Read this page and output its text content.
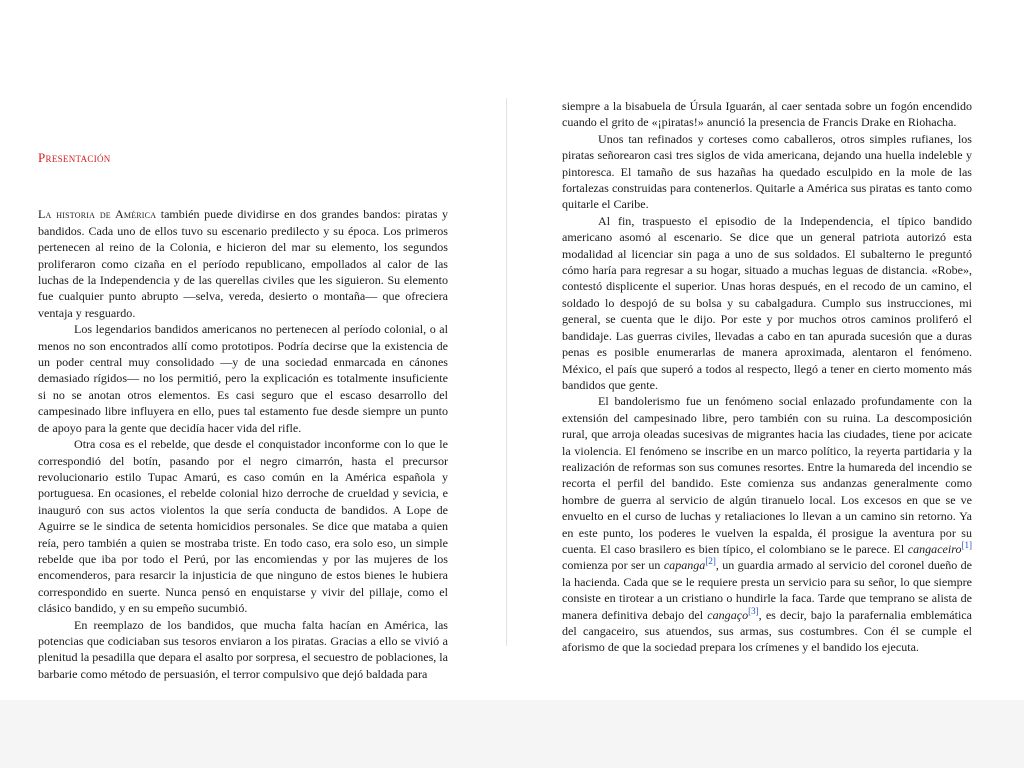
Presentación

La historia de América también puede dividirse en dos grandes bandos: piratas y bandidos. Cada uno de ellos tuvo su escenario predilecto y su época. Los primeros pertenecen al reino de la Colonia, e hicieron del mar su elemento, los segundos proliferaron como cizaña en el período republicano, empollados al calor de las luchas de la Independencia y de las querellas civiles que les siguieron. Su elemento fue cualquier punto abrupto —selva, vereda, desierto o montaña— que ofreciera ventaja y resguardo.

Los legendarios bandidos americanos no pertenecen al período colonial, o al menos no son encontrados allí como prototipos. Podría decirse que la existencia de un poder central muy consolidado —y de una sociedad enmarcada en cánones demasiado rígidos— no los permitió, pero la explicación es totalmente insuficiente si no se anotan otros elementos. Es casi seguro que el escaso desarrollo del campesinado libre influyera en ello, pues tal estamento fue desde siempre un punto de apoyo para la gente que decidía hacer vida del rifle.

Otra cosa es el rebelde, que desde el conquistador inconforme con lo que le correspondió del botín, pasando por el negro cimarrón, hasta el precursor revolucionario estilo Tupac Amarú, es caso común en la América española y portuguesa. En ocasiones, el rebelde colonial hizo derroche de crueldad y sevicia, e inauguró con sus actos violentos la que sería conducta de bandidos. A Lope de Aguirre se le sindica de setenta homicidios personales. Se dice que mataba a quien reía, pero también a quien se mostraba triste. En todo caso, era solo eso, un simple rebelde que iba por todo el Perú, por las encomiendas y por las mujeres de los encomenderos, para resarcir la injusticia de que ninguno de estos bienes le hubiera correspondido en suerte. Nunca pensó en enquistarse y vivir del pillaje, como el clásico bandido, y en su empeño sucumbió.

En reemplazo de los bandidos, que mucha falta hacían en América, las potencias que codiciaban sus tesoros enviaron a los piratas. Gracias a ello se vivió a plenitud la pesadilla que depara el asalto por sorpresa, el secuestro de poblaciones, la barbarie como método de persuasión, el terror compulsivo que dejó baldada para

siempre a la bisabuela de Úrsula Iguarán, al caer sentada sobre un fogón encendido cuando el grito de «¡piratas!» anunció la presencia de Francis Drake en Riohacha.

Unos tan refinados y corteses como caballeros, otros simples rufianes, los piratas señorearon casi tres siglos de vida americana, dejando una huella indeleble y pintoresca. El tamaño de sus hazañas ha quedado esculpido en la mole de las fortalezas construidas para contenerlos. Quitarle a América sus piratas es tanto como quitarle el Caribe.

Al fin, traspuesto el episodio de la Independencia, el típico bandido americano asomó al escenario. Se dice que un general patriota autorizó esta modalidad al licenciar sin paga a uno de sus soldados. El subalterno le preguntó cómo haría para regresar a su hogar, situado a muchas leguas de distancia. «Robe», contestó displicente el superior. Unas horas después, en el recodo de un camino, el soldado lo despojó de su bolsa y su cabalgadura. Cumplo sus instrucciones, mi general, se cuenta que le dijo. Por este y por muchos otros caminos proliferó el bandidaje. Las guerras civiles, llevadas a cabo en tan apurada sucesión que a duras penas es posible enumerarlas de manera aproximada, alentaron el fenómeno. México, el país que superó a todos al respecto, llegó a tener en cierto momento más bandidos que gente.

El bandolerismo fue un fenómeno social enlazado profundamente con la extensión del campesinado libre, pero también con su ruina. La descomposición rural, que arroja oleadas sucesivas de migrantes hacia las ciudades, tiene por acicate la violencia. El fenómeno se inscribe en un marco político, la reyerta partidaria y la realización de reformas son sus comunes resortes. Entre la humareda del incendio se recorta el perfil del bandido. Este comienza sus andanzas generalmente como hombre de guerra al servicio de algún tiranuelo local. Los excesos en que se ve envuelto en el curso de luchas y retaliaciones lo llevan a un camino sin retorno. Ya en este punto, los poderes le vuelven la espalda, él prosigue la aventura por su cuenta. El caso brasilero es bien típico, el colombiano se le parece. El cangaceiro[1] comienza por ser un capanga[2], un guardia armado al servicio del coronel dueño de la hacienda. Cada que se le requiere presta un servicio para su señor, lo que siempre consiste en tirotear a un cristiano o hundirle la faca. Tarde que temprano se alista de manera definitiva debajo del cangaço[3], es decir, bajo la parafernalia emblemática del cangaceiro, sus atuendos, sus armas, sus costumbres. Con él se cumple el aforismo de que la sociedad prepara los crímenes y el bandido los ejecuta.
